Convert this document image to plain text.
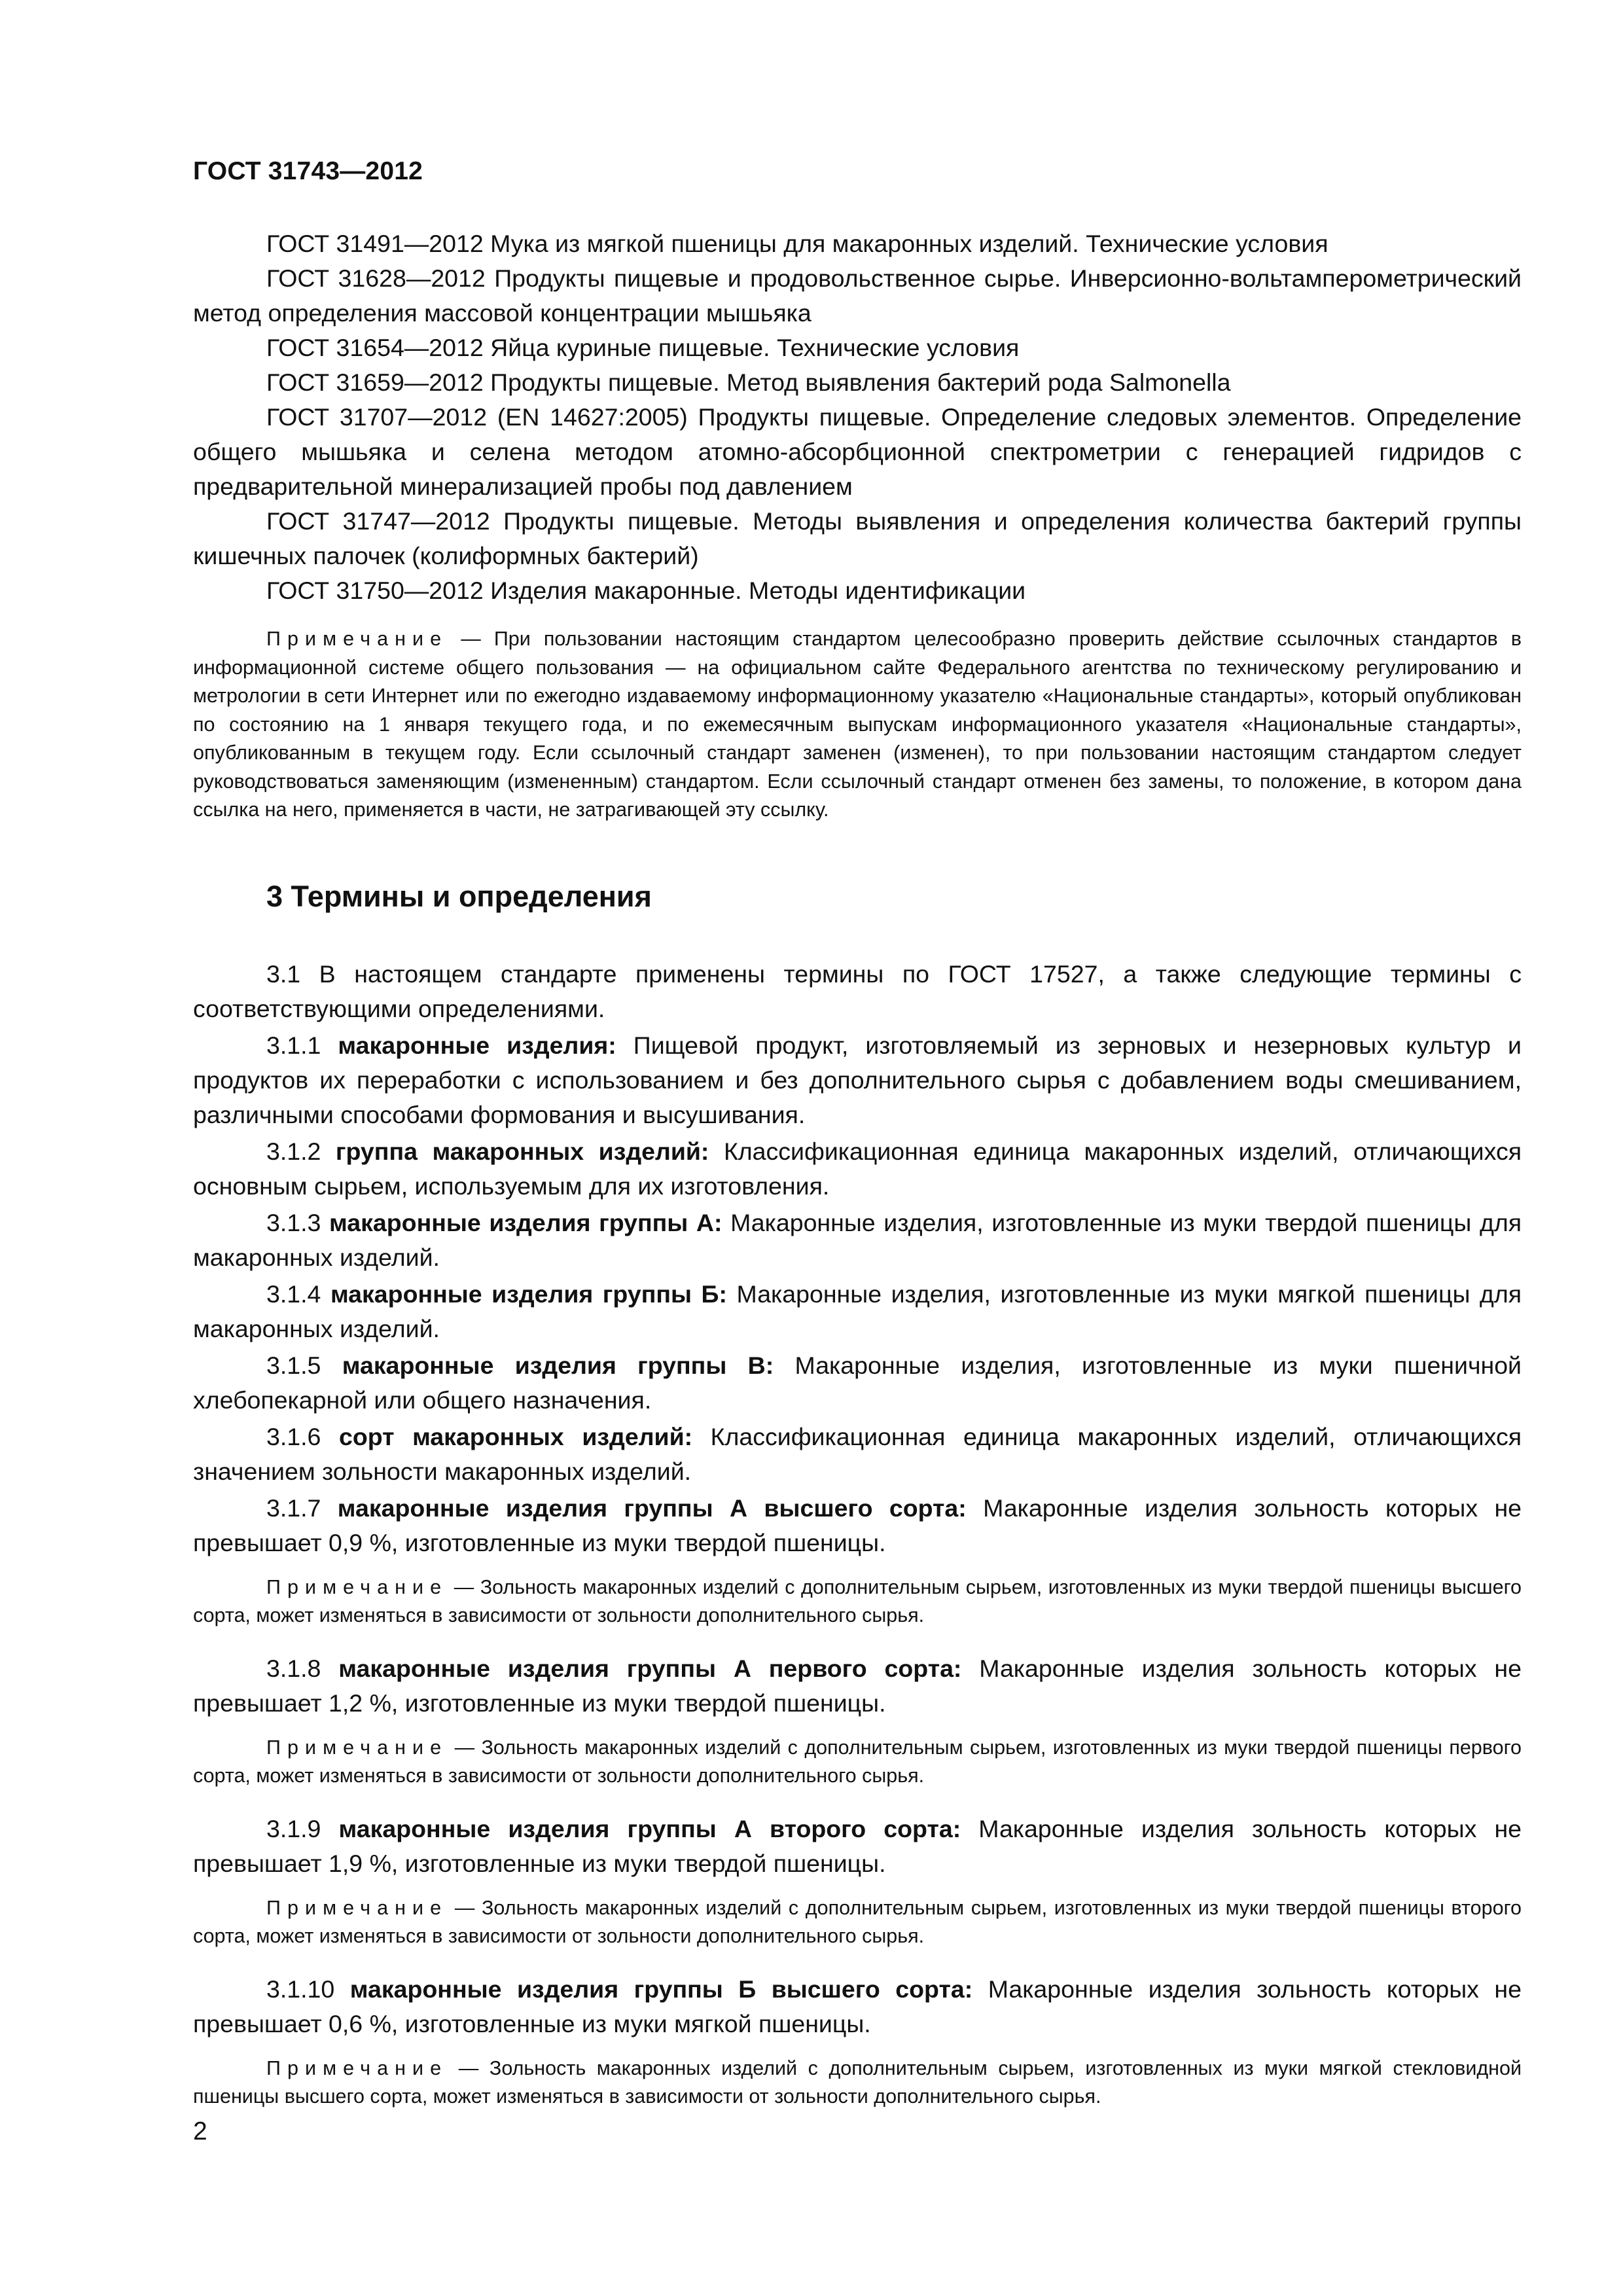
ГОСТ 31743—2012

ГОСТ 31491—2012 Мука из мягкой пшеницы для макаронных изделий. Технические условия

ГОСТ 31628—2012 Продукты пищевые и продовольственное сырье. Инверсионно-вольтамперометрический метод определения массовой концентрации мышьяка

ГОСТ 31654—2012 Яйца куриные пищевые. Технические условия

ГОСТ 31659—2012 Продукты пищевые. Метод выявления бактерий рода Salmonella

ГОСТ 31707—2012 (EN 14627:2005) Продукты пищевые. Определение следовых элементов. Определение общего мышьяка и селена методом атомно-абсорбционной спектрометрии с генерацией гидридов с предварительной минерализацией пробы под давлением

ГОСТ 31747—2012 Продукты пищевые. Методы выявления и определения количества бактерий группы кишечных палочек (колиформных бактерий)

ГОСТ 31750—2012 Изделия макаронные. Методы идентификации

Примечание — При пользовании настоящим стандартом целесообразно проверить действие ссылочных стандартов в информационной системе общего пользования — на официальном сайте Федерального агентства по техническому регулированию и метрологии в сети Интернет или по ежегодно издаваемому информационному указателю «Национальные стандарты», который опубликован по состоянию на 1 января текущего года, и по ежемесячным выпускам информационного указателя «Национальные стандарты», опубликованным в текущем году. Если ссылочный стандарт заменен (изменен), то при пользовании настоящим стандартом следует руководствоваться заменяющим (измененным) стандартом. Если ссылочный стандарт отменен без замены, то положение, в котором дана ссылка на него, применяется в части, не затрагивающей эту ссылку.

3 Термины и определения

3.1 В настоящем стандарте применены термины по ГОСТ 17527, а также следующие термины с соответствующими определениями.

3.1.1 макаронные изделия: Пищевой продукт, изготовляемый из зерновых и незерновых культур и продуктов их переработки с использованием и без дополнительного сырья с добавлением воды смешиванием, различными способами формования и высушивания.

3.1.2 группа макаронных изделий: Классификационная единица макаронных изделий, отличающихся основным сырьем, используемым для их изготовления.

3.1.3 макаронные изделия группы А: Макаронные изделия, изготовленные из муки твердой пшеницы для макаронных изделий.

3.1.4 макаронные изделия группы Б: Макаронные изделия, изготовленные из муки мягкой пшеницы для макаронных изделий.

3.1.5 макаронные изделия группы В: Макаронные изделия, изготовленные из муки пшеничной хлебопекарной или общего назначения.

3.1.6 сорт макаронных изделий: Классификационная единица макаронных изделий, отличающихся значением зольности макаронных изделий.

3.1.7 макаронные изделия группы А высшего сорта: Макаронные изделия зольность которых не превышает 0,9 %, изготовленные из муки твердой пшеницы.

Примечание — Зольность макаронных изделий с дополнительным сырьем, изготовленных из муки твердой пшеницы высшего сорта, может изменяться в зависимости от зольности дополнительного сырья.

3.1.8 макаронные изделия группы А первого сорта: Макаронные изделия зольность которых не превышает 1,2 %, изготовленные из муки твердой пшеницы.

Примечание — Зольность макаронных изделий с дополнительным сырьем, изготовленных из муки твердой пшеницы первого сорта, может изменяться в зависимости от зольности дополнительного сырья.

3.1.9 макаронные изделия группы А второго сорта: Макаронные изделия зольность которых не превышает 1,9 %, изготовленные из муки твердой пшеницы.

Примечание — Зольность макаронных изделий с дополнительным сырьем, изготовленных из муки твердой пшеницы второго сорта, может изменяться в зависимости от зольности дополнительного сырья.

3.1.10 макаронные изделия группы Б высшего сорта: Макаронные изделия зольность которых не превышает 0,6 %, изготовленные из муки мягкой пшеницы.

Примечание — Зольность макаронных изделий с дополнительным сырьем, изготовленных из муки мягкой стекловидной пшеницы высшего сорта, может изменяться в зависимости от зольности дополнительного сырья.

2
